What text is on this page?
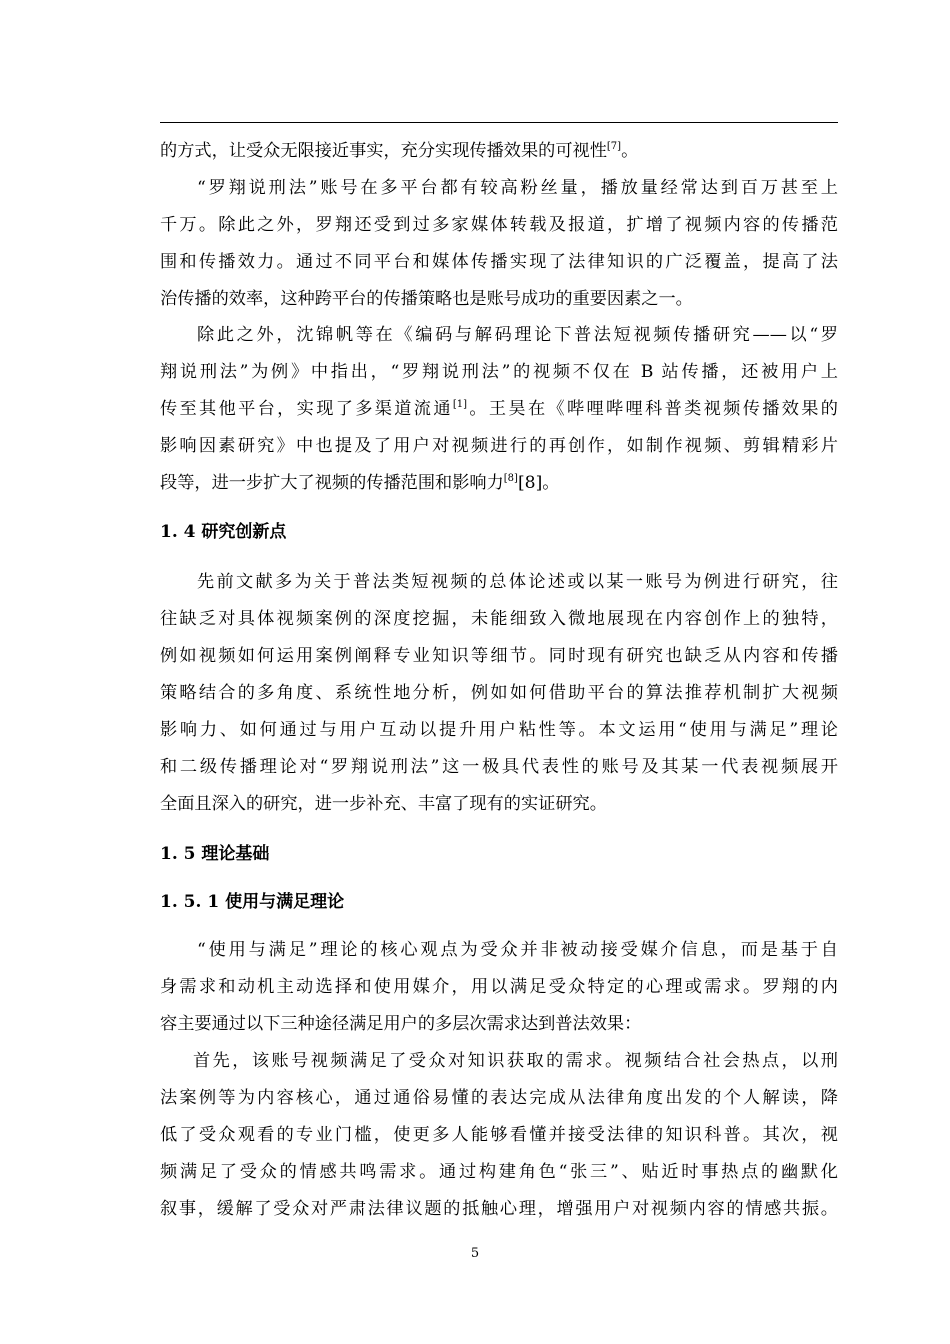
的方式，让受众无限接近事实，充分实现传播效果的可视性[7]。

“罗翔说刑法”账号在多平台都有较高粉丝量，播放量经常达到百万甚至上

千万。除此之外，罗翔还受到过多家媒体转载及报道，扩增了视频内容的传播范

围和传播效力。通过不同平台和媒体传播实现了法律知识的广泛覆盖，提高了法

治传播的效率，这种跨平台的传播策略也是账号成功的重要因素之一。

除此之外，沈锦帆等在《编码与解码理论下普法短视频传播研究——以“罗

翔说刑法”为例》中指出，“罗翔说刑法”的视频不仅在 B 站传播，还被用户上

传至其他平台，实现了多渠道流通[1]。王昊在《哔哩哔哩科普类视频传播效果的

影响因素研究》中也提及了用户对视频进行的再创作，如制作视频、剪辑精彩片

段等，进一步扩大了视频的传播范围和影响力[8][8]。

1. 4 研究创新点

先前文献多为关于普法类短视频的总体论述或以某一账号为例进行研究，往

往缺乏对具体视频案例的深度挖掘，未能细致入微地展现在内容创作上的独特，

例如视频如何运用案例阐释专业知识等细节。同时现有研究也缺乏从内容和传播

策略结合的多角度、系统性地分析，例如如何借助平台的算法推荐机制扩大视频

影响力、如何通过与用户互动以提升用户粘性等。本文运用“使用与满足”理论

和二级传播理论对“罗翔说刑法”这一极具代表性的账号及其某一代表视频展开

全面且深入的研究，进一步补充、丰富了现有的实证研究。

1. 5 理论基础

1. 5. 1 使用与满足理论

“使用与满足”理论的核心观点为受众并非被动接受媒介信息，而是基于自

身需求和动机主动选择和使用媒介，用以满足受众特定的心理或需求。罗翔的内

容主要通过以下三种途径满足用户的多层次需求达到普法效果：

首先，该账号视频满足了受众对知识获取的需求。视频结合社会热点，以刑

法案例等为内容核心，通过通俗易懂的表达完成从法律角度出发的个人解读，降

低了受众观看的专业门槛，使更多人能够看懂并接受法律的知识科普。其次，视

频满足了受众的情感共鸣需求。通过构建角色“张三”、贴近时事热点的幽默化

叙事，缓解了受众对严肃法律议题的抵触心理，增强用户对视频内容的情感共振。

5
